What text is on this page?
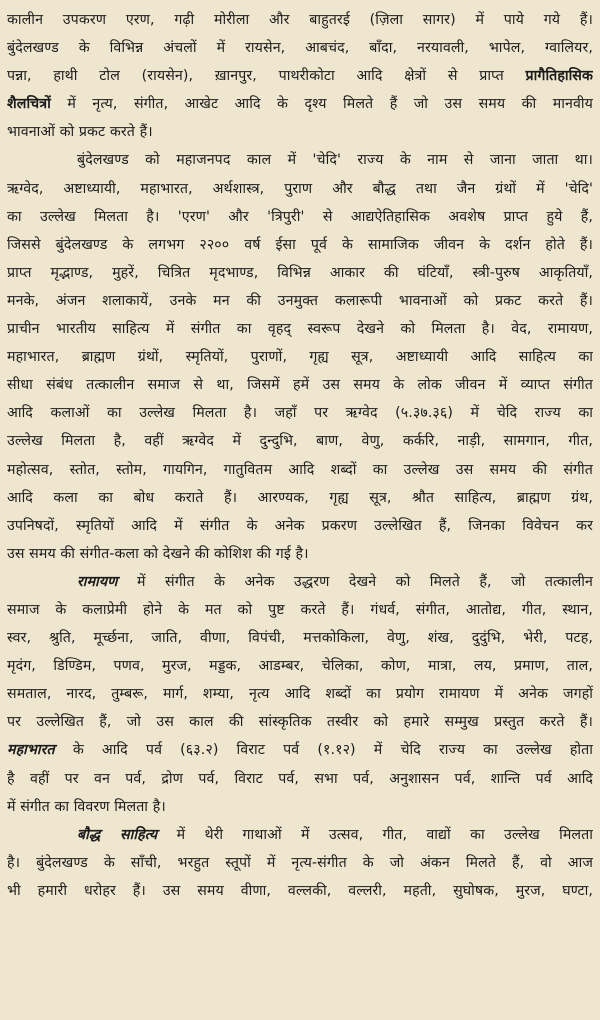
कालीन उपकरण एरण, गढ़ी मोरीला और बाहुतरई (ज़िला सागर) में पाये गये हैं।
बुंदेलखण्ड के विभिन्न अंचलों में रायसेन, आबचंद, बाँदा, नरयावली, भापेल, ग्वालियर,
पन्ना, हाथी टोल (रायसेन), ख़ानपुर, पाथरीकोटा आदि क्षेत्रों से प्राप्त प्रागैतिहासिक
शैलचित्रों में नृत्य, संगीत, आखेट आदि के दृश्य मिलते हैं जो उस समय की मानवीय
भावनाओं को प्रकट करते हैं।
बुंदेलखण्ड को महाजनपद काल में 'चेदि' राज्य के नाम से जाना जाता था।
ऋग्वेद, अष्टाध्यायी, महाभारत, अर्थशास्त्र, पुराण और बौद्ध तथा जैन ग्रंथों में 'चेदि'
का उल्लेख मिलता है। 'एरण' और 'त्रिपुरी' से आद्यऐतिहासिक अवशेष प्राप्त हुये हैं,
जिससे बुंदेलखण्ड के लगभग २२०० वर्ष ईसा पूर्व के सामाजिक जीवन के दर्शन होते हैं।
प्राप्त मृद्भाण्ड, मुहरें, चित्रित मृदभाण्ड, विभिन्न आकार की घंटियाँ, स्त्री-पुरुष आकृतियाँ,
मनके, अंजन शलाकायें, उनके मन की उनमुक्त कलारूपी भावनाओं को प्रकट करते हैं।
प्राचीन भारतीय साहित्य में संगीत का वृहद् स्वरूप देखने को मिलता है। वेद, रामायण,
महाभारत, ब्राह्मण ग्रंथों, स्मृतियों, पुराणों, गृह्य सूत्र, अष्टाध्यायी आदि साहित्य का
सीधा संबंध तत्कालीन समाज से था, जिसमें हमें उस समय के लोक जीवन में व्याप्त संगीत
आदि कलाओं का उल्लेख मिलता है। जहाँ पर ऋग्वेद (५.३७.३६) में चेदि राज्य का
उल्लेख मिलता है, वहीं ऋग्वेद में दुन्दुभि, बाण, वेणु, कर्करि, नाड़ी, सामगान, गीत,
महोत्सव, स्तोत, स्तोम, गायगिन, गातुवितम आदि शब्दों का उल्लेख उस समय की संगीत
आदि कला का बोध कराते हैं। आरण्यक, गृह्य सूत्र, श्रौत साहित्य, ब्राह्मण ग्रंथ,
उपनिषदों, स्मृतियों आदि में संगीत के अनेक प्रकरण उल्लेखित हैं, जिनका विवेचन कर
उस समय की संगीत-कला को देखने की कोशिश की गई है।
रामायण में संगीत के अनेक उद्धरण देखने को मिलते हैं, जो तत्कालीन
समाज के कलाप्रेमी होने के मत को पुष्ट करते हैं। गंधर्व, संगीत, आतोद्य, गीत, स्थान,
स्वर, श्रुति, मूर्च्छना, जाति, वीणा, विपंची, मत्तकोकिला, वेणु, शंख, दुदुंभि, भेरी, पटह,
मृदंग, डिण्डिम, पणव, मुरज, मड्डक, आडम्बर, चेलिका, कोण, मात्रा, लय, प्रमाण, ताल,
समताल, नारद, तुम्बरू, मार्ग, शम्या, नृत्य आदि शब्दों का प्रयोग रामायण में अनेक जगहों
पर उल्लेखित हैं, जो उस काल की सांस्कृतिक तस्वीर को हमारे सम्मुख प्रस्तुत करते हैं।
महाभारत के आदि पर्व (६३.२) विराट पर्व (१.१२) में चेदि राज्य का उल्लेख होता
है वहीं पर वन पर्व, द्रोण पर्व, विराट पर्व, सभा पर्व, अनुशासन पर्व, शान्ति पर्व आदि
में संगीत का विवरण मिलता है।
बौद्ध साहित्य में थेरी गाथाओं में उत्सव, गीत, वाद्यों का उल्लेख मिलता
है। बुंदेलखण्ड के साँची, भरहुत स्तूपों में नृत्य-संगीत के जो अंकन मिलते हैं, वो आज
भी हमारी धरोहर हैं। उस समय वीणा, वल्लकी, वल्लरी, महती, सुघोषक, मुरज, घण्टा,
